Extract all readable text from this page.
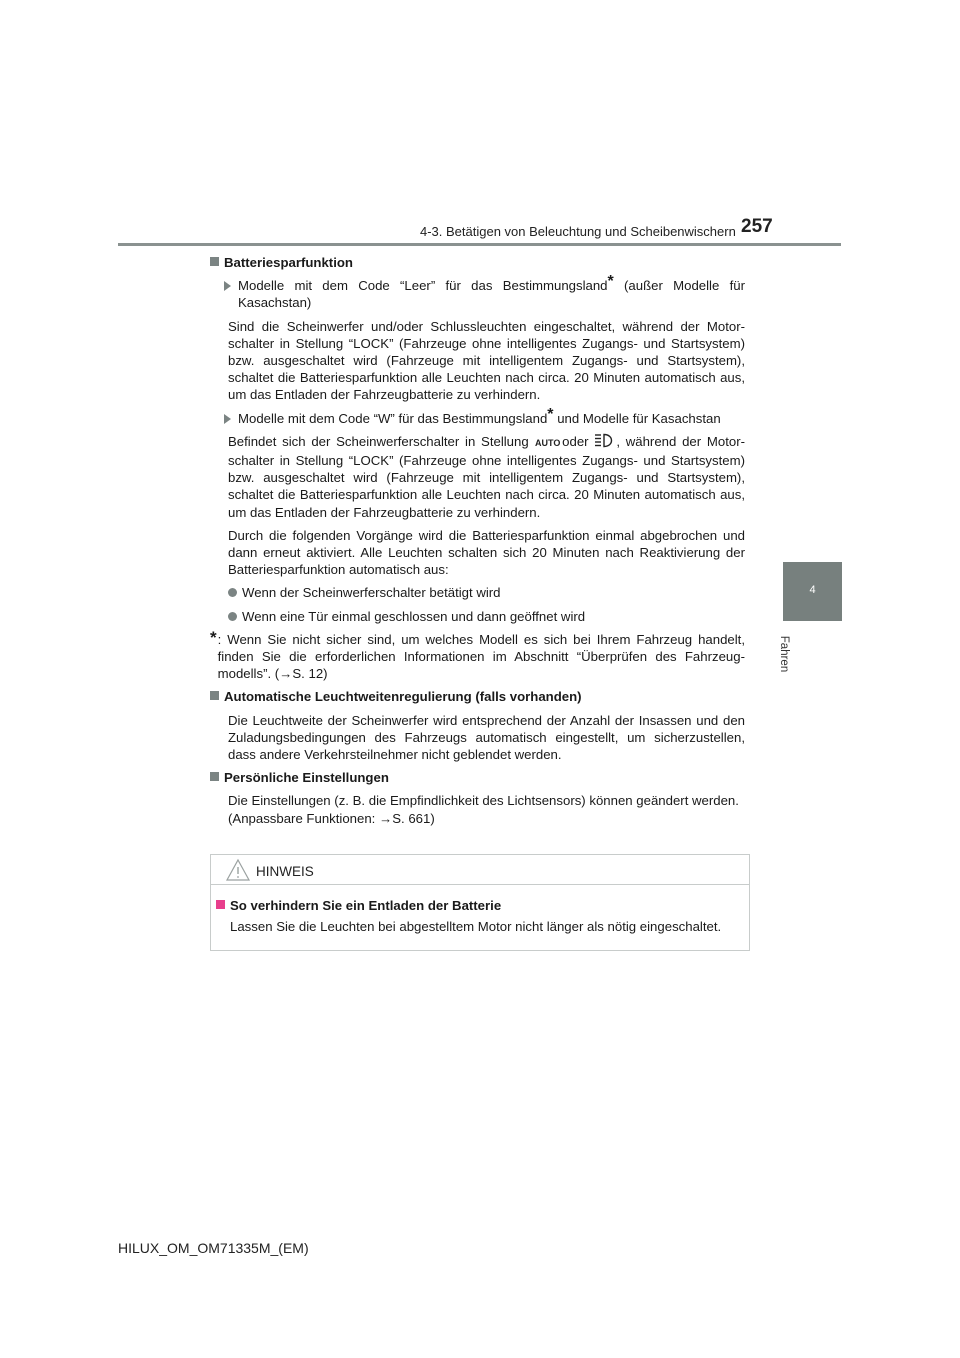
4-3. Betätigen von Beleuchtung und Scheibenwischern 257
4
Fahren
Batteriesparfunktion
Modelle mit dem Code “Leer” für das Bestimmungsland* (außer Modelle für Kasachstan)

Sind die Scheinwerfer und/oder Schlussleuchten eingeschaltet, während der Motorschalter in Stellung “LOCK” (Fahrzeuge ohne intelligentes Zugangs- und Startsystem) bzw. ausgeschaltet wird (Fahrzeuge mit intelligentem Zugangs- und Startsystem), schaltet die Batteriesparfunktion alle Leuchten nach circa. 20 Minuten automatisch aus, um das Entladen der Fahrzeugbatterie zu verhindern.

Modelle mit dem Code “W” für das Bestimmungsland* und Modelle für Kasachstan

Befindet sich der Scheinwerferschalter in Stellung AUTO
oder , während der Motorschalter in Stellung “LOCK” (Fahrzeuge ohne intelligentes Zugangs- und Startsystem) bzw. ausgeschaltet wird (Fahrzeuge mit intelligentem Zugangs- und Startsystem), schaltet die Batteriesparfunktion alle Leuchten nach circa. 20 Minuten automatisch aus, um das Entladen der Fahrzeugbatterie zu verhindern.

Durch die folgenden Vorgänge wird die Batteriesparfunktion einmal abgebrochen und dann erneut aktiviert. Alle Leuchten schalten sich 20 Minuten nach Reaktivierung der Batteriesparfunktion automatisch aus:

Wenn der Scheinwerferschalter betätigt wird
Wenn eine Tür einmal geschlossen und dann geöffnet wird
* : Wenn Sie nicht sicher sind, um welches Modell es sich bei Ihrem Fahrzeug handelt, finden Sie die erforderlichen Informationen im Abschnitt “Überprüfen des Fahrzeugmodells”. (→S. 12)
Automatische Leuchtweitenregulierung (falls vorhanden)

Die Leuchtweite der Scheinwerfer wird entsprechend der Anzahl der Insassen und den Zuladungsbedingungen des Fahrzeugs automatisch eingestellt, um sicherzustellen, dass andere Verkehrsteilnehmer nicht geblendet werden.

Persönliche Einstellungen

Die Einstellungen (z. B. die Empfindlichkeit des Lichtsensors) können geändert werden.

(Anpassbare Funktionen: →S. 661)

HINWEIS
So verhindern Sie ein Entladen der Batterie

Lassen Sie die Leuchten bei abgestelltem Motor nicht länger als nötig eingeschaltet.

HILUX_OM_OM71335M_(EM)
